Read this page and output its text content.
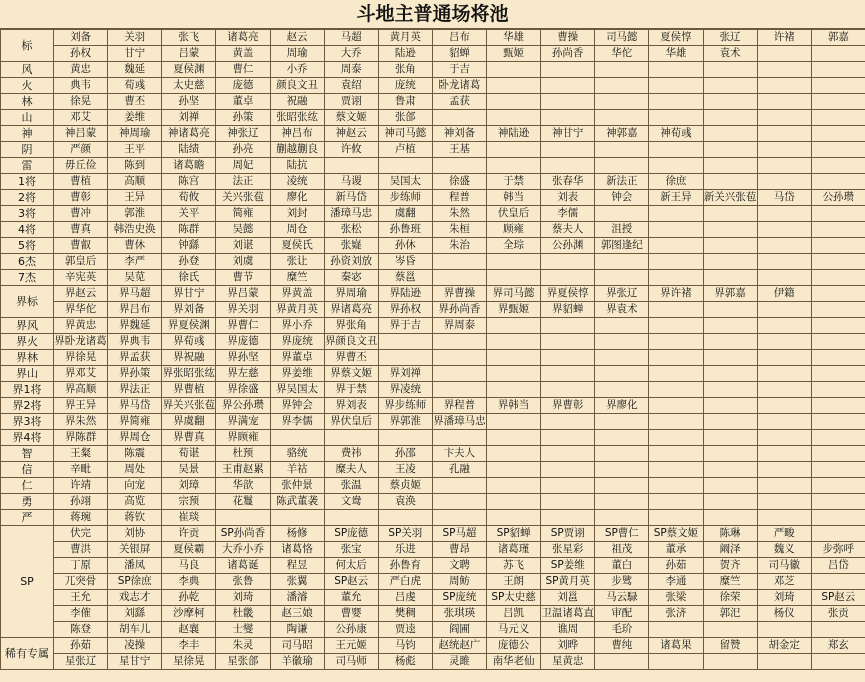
斗地主普通场将池
标	刘备	关羽	张飞	诸葛亮	赵云	马超	黄月英	吕布	华雄	曹操	司马懿	夏侯惇	张辽	许褚	郭嘉
	孙权	甘宁	吕蒙	黄盖	周瑜	大乔	陆逊	貂蝉	甄姬	孙尚香	华佗	华雄	袁术		
风	黄忠	魏延	夏侯渊	曹仁	小乔	周泰	张角	于吉							
火	典韦	荀彧	太史慈	庞德	颜良文丑	袁绍	庞统	卧龙诸葛							
林	徐晃	曹丕	孙坚	董卓	祝融	贾诩	鲁肃	孟获							
山	邓艾	姜维	刘禅	孙策	张昭张纮	蔡文姬	张郃								
神	神吕蒙	神周瑜	神诸葛亮	神张辽	神吕布	神赵云	神司马懿	神刘备	神陆逊	神甘宁	神郭嘉	神荀彧			
阴	严颜	王平	陆绩	孙亮	蒯越蒯良	许攸	卢植	王基							
雷	毋丘俭	陈到	诸葛瞻	周妃	陆抗										
1将	曹植	高顺	陈宫	法正	凌统	马谡	吴国太	徐盛	于禁	张春华	新法正	徐庶			
2将	曹彰	王异	荀攸	关兴张苞	廖化	新马岱	步练师	程普	韩当	刘表	钟会	新王异	新关兴张苞	马岱	公孙瓒
3将	曹冲	郭淮	关平	简雍	刘封	潘璋马忠	虞翻	朱然	伏皇后	李儒					
4将	曹真	韩浩史涣	陈群	吴懿	周仓	张松	孙鲁班	朱桓	顾雍	蔡夫人	沮授				
5将	曹叡	曹休	钟繇	刘谌	夏侯氏	张嶷	孙休	朱治	全琮	公孙渊	郭图逢纪				
6杰	郭皇后	李严	孙登	刘虞	张让	孙资刘放	岑昏								
7杰	辛宪英	吴苋	徐氏	曹节	糜竺	秦宓	蔡邕								
界标	界赵云	界马超	界甘宁	界吕蒙	界黄盖	界周瑜	界陆逊	界曹操	界司马懿	界夏侯惇	界张辽	界许褚	界郭嘉	伊籍	
	界华佗	界吕布	界刘备	界关羽	界黄月英	界诸葛亮	界孙权	界孙尚香	界甄姬	界貂蝉	界袁术				
界风	界黄忠	界魏延	界夏侯渊	界曹仁	界小乔	界张角	界于吉	界周泰							
界火	界卧龙诸葛	界典韦	界荀彧	界庞德	界庞统	界颜良文丑									
界林	界徐晃	界孟获	界祝融	界孙坚	界董卓	界曹丕									
界山	界邓艾	界孙策	界张昭张纮	界左慈	界姜维	界蔡文姬	界刘禅								
界1将	界高顺	界法正	界曹植	界徐盛	界吴国太	界于禁	界凌统								
界2将	界王异	界马岱	界关兴张苞	界公孙瓒	界钟会	界刘表	界步练师	界程普	界韩当	界曹彰	界廖化				
界3将	界朱然	界简雍	界虞翻	界满宠	界李儒	界伏皇后	界郭淮	界潘璋马忠							
界4将	界陈群	界周仓	界曹真	界顾雍											
智	王粲	陈震	荀谌	杜预	骆统	费祎	孙邵	卞夫人							
信	辛毗	周处	吴景	王甫赵累	羊祜	糜夫人	王凌	孔融							
仁	许靖	向宠	刘璋	华歆	张仲景	张温	蔡贞姬								
勇	孙翊	高览	宗预	花鬘	陈武董袭	文鸯	袁涣								
严	蒋琬	蒋钦	崔琰												
SP	伏完	刘协	许贡	SP孙尚香	杨修	SP庞德	SP关羽	SP马超	SP貂蝉	SP贾诩	SP曹仁	SP蔡文姬	陈琳	严畯	
	曹洪	关银屏	夏侯霸	大乔小乔	诸葛恪	张宝	乐进	曹昂	诸葛瑾	张星彩	祖茂	董承	阚泽	魏义	步弥呼
	丁原	潘凤	马良	诸葛诞	程昱	何太后	孙鲁育	文聘	苏飞	SP姜维	董白	孙茹	贺齐	司马徽	吕岱
	兀突骨	SP徐庶	李典	张鲁	张翼	SP赵云	严白虎	周鲂	王朗	SP黄月英	步骘	李通	糜竺	邓芝	
	王允	戏志才	孙乾	刘琦	潘濬	董允	吕虔	SP庞统	SP太史慈	刘邕	马云騄	张梁	徐荣	刘琦	SP赵云
	李傕	刘繇	沙摩柯	杜畿	赵三娘	曹婴	樊稠	张琪瑛	吕凯	卫温诸葛直	审配	张济	郭汜	杨仪	张贡
	陈登	胡车儿	赵襄	士燮	陶谦	公孙康	贾逵	阎圃	马元义	谯周	毛玠				
稀有专属	孙茹	凌操	李丰	朱灵	司马昭	王元姬	马钧	赵统赵广	庞德公	刘晔	曹纯	诸葛果	留赞	胡金定	郑玄
	星张辽	星甘宁	星徐晃	星张郃	羊徽瑜	司马师	杨彪	灵雎	南华老仙	星黄忠					
